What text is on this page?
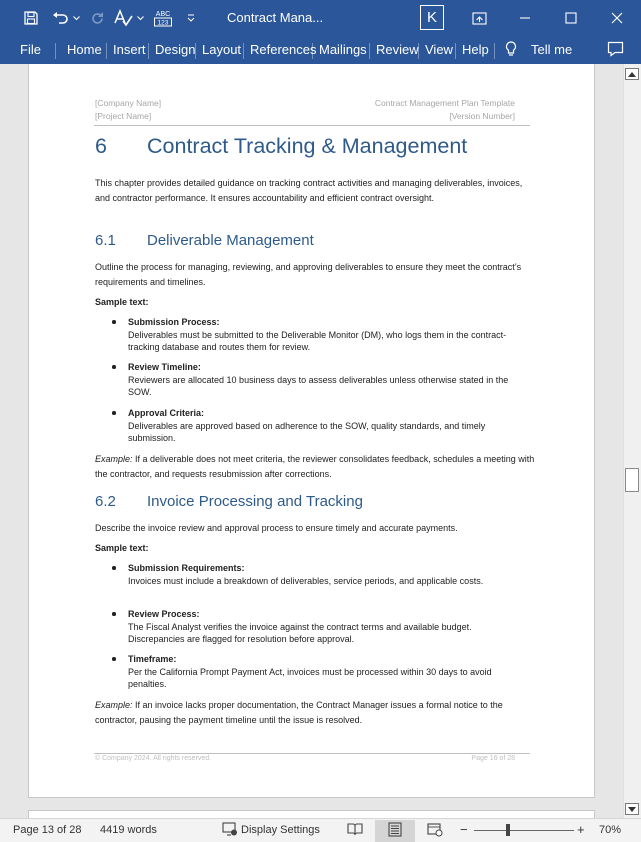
ABC
123	Contract Mana...	K
File Home Insert Design Layout References Mailings Review View Help	Tell me
[Company Name]
[Project Name]
Contract Management Plan Template
[Version Number]
6 Contract Tracking & Management
This chapter provides detailed guidance on tracking contract activities and managing deliverables, invoices, and contractor performance. It ensures accountability and efficient contract oversight.
6.1 Deliverable Management
Outline the process for managing, reviewing, and approving deliverables to ensure they meet the contract’s requirements and timelines.
Sample text:
Submission Process:
Deliverables must be submitted to the Deliverable Monitor (DM), who logs them in the contract-tracking database and routes them for review.
Review Timeline:
Reviewers are allocated 10 business days to assess deliverables unless otherwise stated in the SOW.
Approval Criteria:
Deliverables are approved based on adherence to the SOW, quality standards, and timely submission.
Example: If a deliverable does not meet criteria, the reviewer consolidates feedback, schedules a meeting with the contractor, and requests resubmission after corrections.
6.2 Invoice Processing and Tracking
Describe the invoice review and approval process to ensure timely and accurate payments.
Sample text:
Submission Requirements:
Invoices must include a breakdown of deliverables, service periods, and applicable costs.
Review Process:
The Fiscal Analyst verifies the invoice against the contract terms and available budget. Discrepancies are flagged for resolution before approval.
Timeframe:
Per the California Prompt Payment Act, invoices must be processed within 30 days to avoid penalties.
Example: If an invoice lacks proper documentation, the Contract Manager issues a formal notice to the contractor, pausing the payment timeline until the issue is resolved.
© Company 2024. All rights reserved.	Page 16 of 28
Page 13 of 28 4419 words	Display Settings	−	+ 70%
